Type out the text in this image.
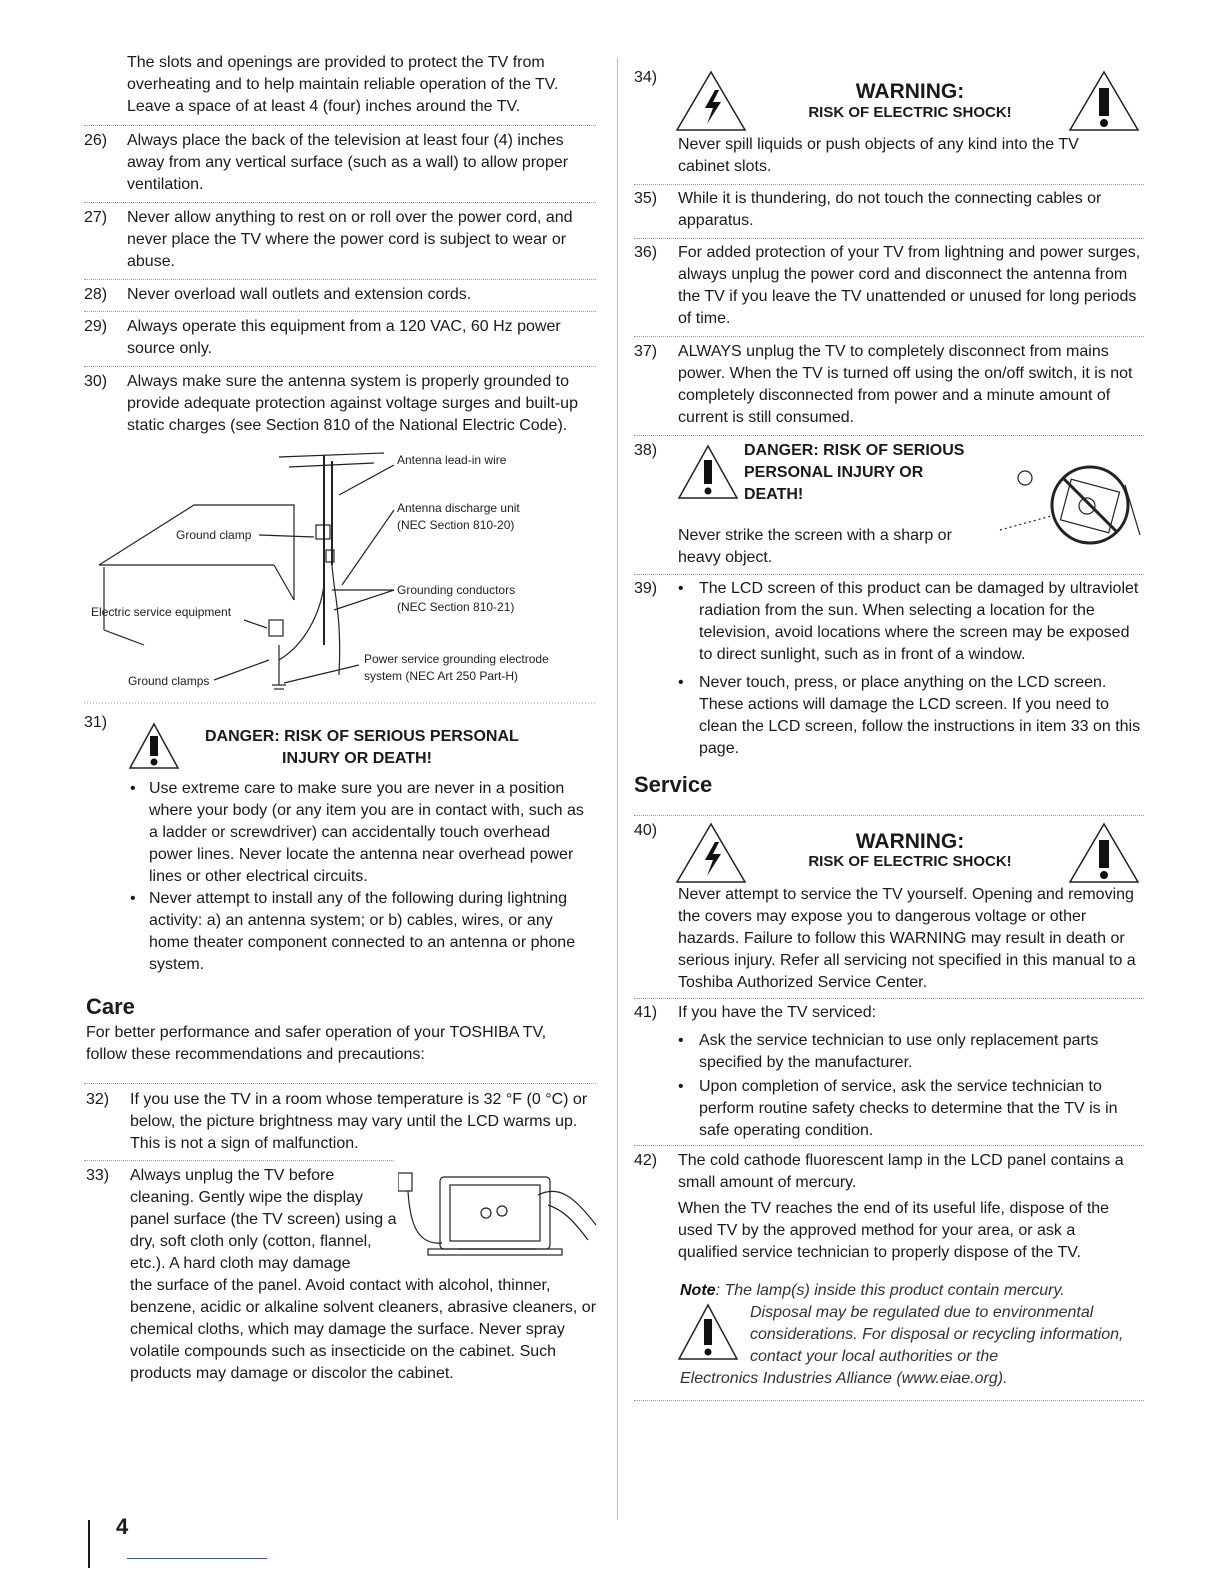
The slots and openings are provided to protect the TV from overheating and to help maintain reliable operation of the TV. Leave a space of at least 4 (four) inches around the TV.
26) Always place the back of the television at least four (4) inches away from any vertical surface (such as a wall) to allow proper ventilation.
27) Never allow anything to rest on or roll over the power cord, and never place the TV where the power cord is subject to wear or abuse.
28) Never overload wall outlets and extension cords.
29) Always operate this equipment from a 120 VAC, 60 Hz power source only.
30) Always make sure the antenna system is properly grounded to provide adequate protection against voltage surges and built-up static charges (see Section 810 of the National Electric Code).
Antenna lead-in wire
Antenna discharge unit
(NEC Section 810-20)
Ground clamp
Grounding conductors
(NEC Section 810-21)
Electric service equipment
Power service grounding electrode
system (NEC Art 250 Part-H)
Ground clamps
31)
DANGER: RISK OF SERIOUS PERSONAL
INJURY OR DEATH!
• Use extreme care to make sure you are never in a position where your body (or any item you are in contact with, such as a ladder or screwdriver) can accidentally touch overhead power lines. Never locate the antenna near overhead power lines or other electrical circuits.
• Never attempt to install any of the following during lightning activity: a) an antenna system; or b) cables, wires, or any home theater component connected to an antenna or phone system.
Care
For better performance and safer operation of your TOSHIBA TV, follow these recommendations and precautions:
32) If you use the TV in a room whose temperature is 32 °F (0 °C) or below, the picture brightness may vary until the LCD warms up. This is not a sign of malfunction.
33) Always unplug the TV before cleaning. Gently wipe the display panel surface (the TV screen) using a dry, soft cloth only (cotton, flannel, etc.). A hard cloth may damage
the surface of the panel. Avoid contact with alcohol, thinner, benzene, acidic or alkaline solvent cleaners, abrasive cleaners, or chemical cloths, which may damage the surface. Never spray volatile compounds such as insecticide on the cabinet. Such products may damage or discolor the cabinet.
34)
WARNING:
RISK OF ELECTRIC SHOCK!
Never spill liquids or push objects of any kind into the TV cabinet slots.
35) While it is thundering, do not touch the connecting cables or apparatus.
36) For added protection of your TV from lightning and power surges, always unplug the power cord and disconnect the antenna from the TV if you leave the TV unattended or unused for long periods of time.
37) ALWAYS unplug the TV to completely disconnect from mains power. When the TV is turned off using the on/off switch, it is not completely disconnected from power and a minute amount of current is still consumed.
38)	DANGER: RISK OF SERIOUS
PERSONAL INJURY OR
DEATH!
Never strike the screen with a sharp or heavy object.
39) • The LCD screen of this product can be damaged by ultraviolet radiation from the sun. When selecting a location for the television, avoid locations where the screen may be exposed to direct sunlight, such as in front of a window.
• Never touch, press, or place anything on the LCD screen. These actions will damage the LCD screen. If you need to clean the LCD screen, follow the instructions in item 33 on this page.
Service
40)	WARNING:
RISK OF ELECTRIC SHOCK!
Never attempt to service the TV yourself. Opening and removing the covers may expose you to dangerous voltage or other hazards. Failure to follow this WARNING may result in death or serious injury. Refer all servicing not specified in this manual to a Toshiba Authorized Service Center.
41) If you have the TV serviced:
• Ask the service technician to use only replacement parts specified by the manufacturer.
• Upon completion of service, ask the service technician to perform routine safety checks to determine that the TV is in safe operating condition.
42) The cold cathode fluorescent lamp in the LCD panel contains a small amount of mercury.
When the TV reaches the end of its useful life, dispose of the used TV by the approved method for your area, or ask a qualified service technician to properly dispose of the TV.
Note: The lamp(s) inside this product contain mercury.
Disposal may be regulated due to environmental considerations. For disposal or recycling information, contact your local authorities or the
Electronics Industries Alliance (www.eiae.org).
4
